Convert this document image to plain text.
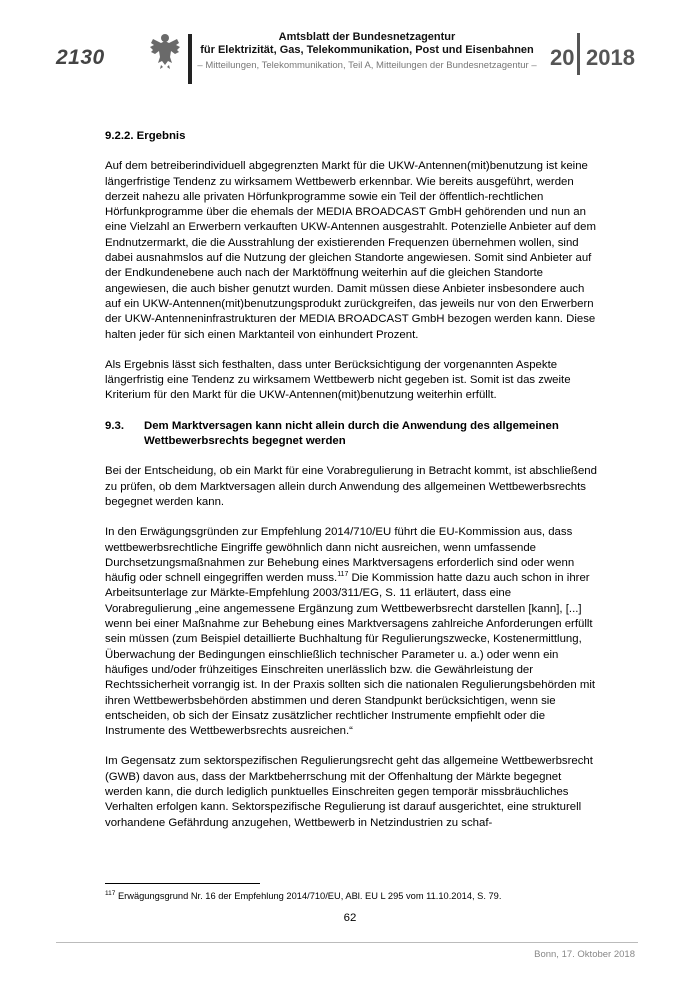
2130
Amtsblatt der Bundesnetzagentur
für Elektrizität, Gas, Telekommunikation, Post und Eisenbahnen
– Mitteilungen, Telekommunikation, Teil A, Mitteilungen der Bundesnetzagentur – 20 2018
9.2.2. Ergebnis

Auf dem betreiberindividuell abgegrenzten Markt für die UKW-Antennen(mit)benutzung ist keine längerfristige Tendenz zu wirksamem Wettbewerb erkennbar. Wie bereits ausgeführt, werden derzeit nahezu alle privaten Hörfunkprogramme sowie ein Teil der öffentlich-rechtlichen Hörfunkprogramme über die ehemals der MEDIA BROADCAST GmbH gehörenden und nun an eine Vielzahl an Erwerbern verkauften UKW-Antennen ausgestrahlt. Potenzielle Anbieter auf dem Endnutzermarkt, die die Ausstrahlung der existierenden Frequenzen übernehmen wollen, sind dabei ausnahmslos auf die Nutzung der gleichen Standorte angewiesen. Somit sind Anbieter auf der Endkundenebene auch nach der Marktöffnung weiterhin auf die gleichen Standorte angewiesen, die auch bisher genutzt wurden. Damit müssen diese Anbieter insbesondere auch auf ein UKW-Antennen(mit)benutzungsprodukt zurückgreifen, das jeweils nur von den Erwerbern der UKW-Antenneninfrastrukturen der MEDIA BROADCAST GmbH bezogen werden kann. Diese halten jeder für sich einen Marktanteil von einhundert Prozent.

Als Ergebnis lässt sich festhalten, dass unter Berücksichtigung der vorgenannten Aspekte längerfristig eine Tendenz zu wirksamem Wettbewerb nicht gegeben ist. Somit ist das zweite Kriterium für den Markt für die UKW-Antennen(mit)benutzung weiterhin erfüllt.

9.3.	Dem Marktversagen kann nicht allein durch die Anwendung des allgemeinen Wettbewerbsrechts begegnet werden

Bei der Entscheidung, ob ein Markt für eine Vorabregulierung in Betracht kommt, ist abschließend zu prüfen, ob dem Marktversagen allein durch Anwendung des allgemeinen Wettbewerbsrechts begegnet werden kann.

In den Erwägungsgründen zur Empfehlung 2014/710/EU führt die EU-Kommission aus, dass wettbewerbsrechtliche Eingriffe gewöhnlich dann nicht ausreichen, wenn umfassende Durchsetzungsmaßnahmen zur Behebung eines Marktversagens erforderlich sind oder wenn häufig oder schnell eingegriffen werden muss.$^{117}$ Die Kommission hatte dazu auch schon in ihrer Arbeitsunterlage zur Märkte-Empfehlung 2003/311/EG, S. 11 erläutert, dass eine Vorabregulierung „eine angemessene Ergänzung zum Wettbewerbsrecht darstellen [kann], [...] wenn bei einer Maßnahme zur Behebung eines Marktversagens zahlreiche Anforderungen erfüllt sein müssen (zum Beispiel detaillierte Buchhaltung für Regulierungszwecke, Kostenermittlung, Überwachung der Bedingungen einschließlich technischer Parameter u. a.) oder wenn ein häufiges und/oder frühzeitiges Einschreiten unerlässlich bzw. die Gewährleistung der Rechtssicherheit vorrangig ist. In der Praxis sollten sich die nationalen Regulierungsbehörden mit ihren Wettbewerbsbehörden abstimmen und deren Standpunkt berücksichtigen, wenn sie entscheiden, ob sich der Einsatz zusätzlicher rechtlicher Instrumente empfiehlt oder die Instrumente des Wettbewerbsrechts ausreichen.“

Im Gegensatz zum sektorspezifischen Regulierungsrecht geht das allgemeine Wettbewerbsrecht (GWB) davon aus, dass der Marktbeherrschung mit der Offenhaltung der Märkte begegnet werden kann, die durch lediglich punktuelles Einschreiten gegen temporär missbräuchliches Verhalten erfolgen kann. Sektorspezifische Regulierung ist darauf ausgerichtet, eine strukturell vorhandene Gefährdung anzugehen, Wettbewerb in Netzindustrien zu schaf-

$^{117}$ Erwägungsgrund Nr. 16 der Empfehlung 2014/710/EU, ABl. EU L 295 vom 11.10.2014, S. 79.
62
Bonn, 17. Oktober 2018
